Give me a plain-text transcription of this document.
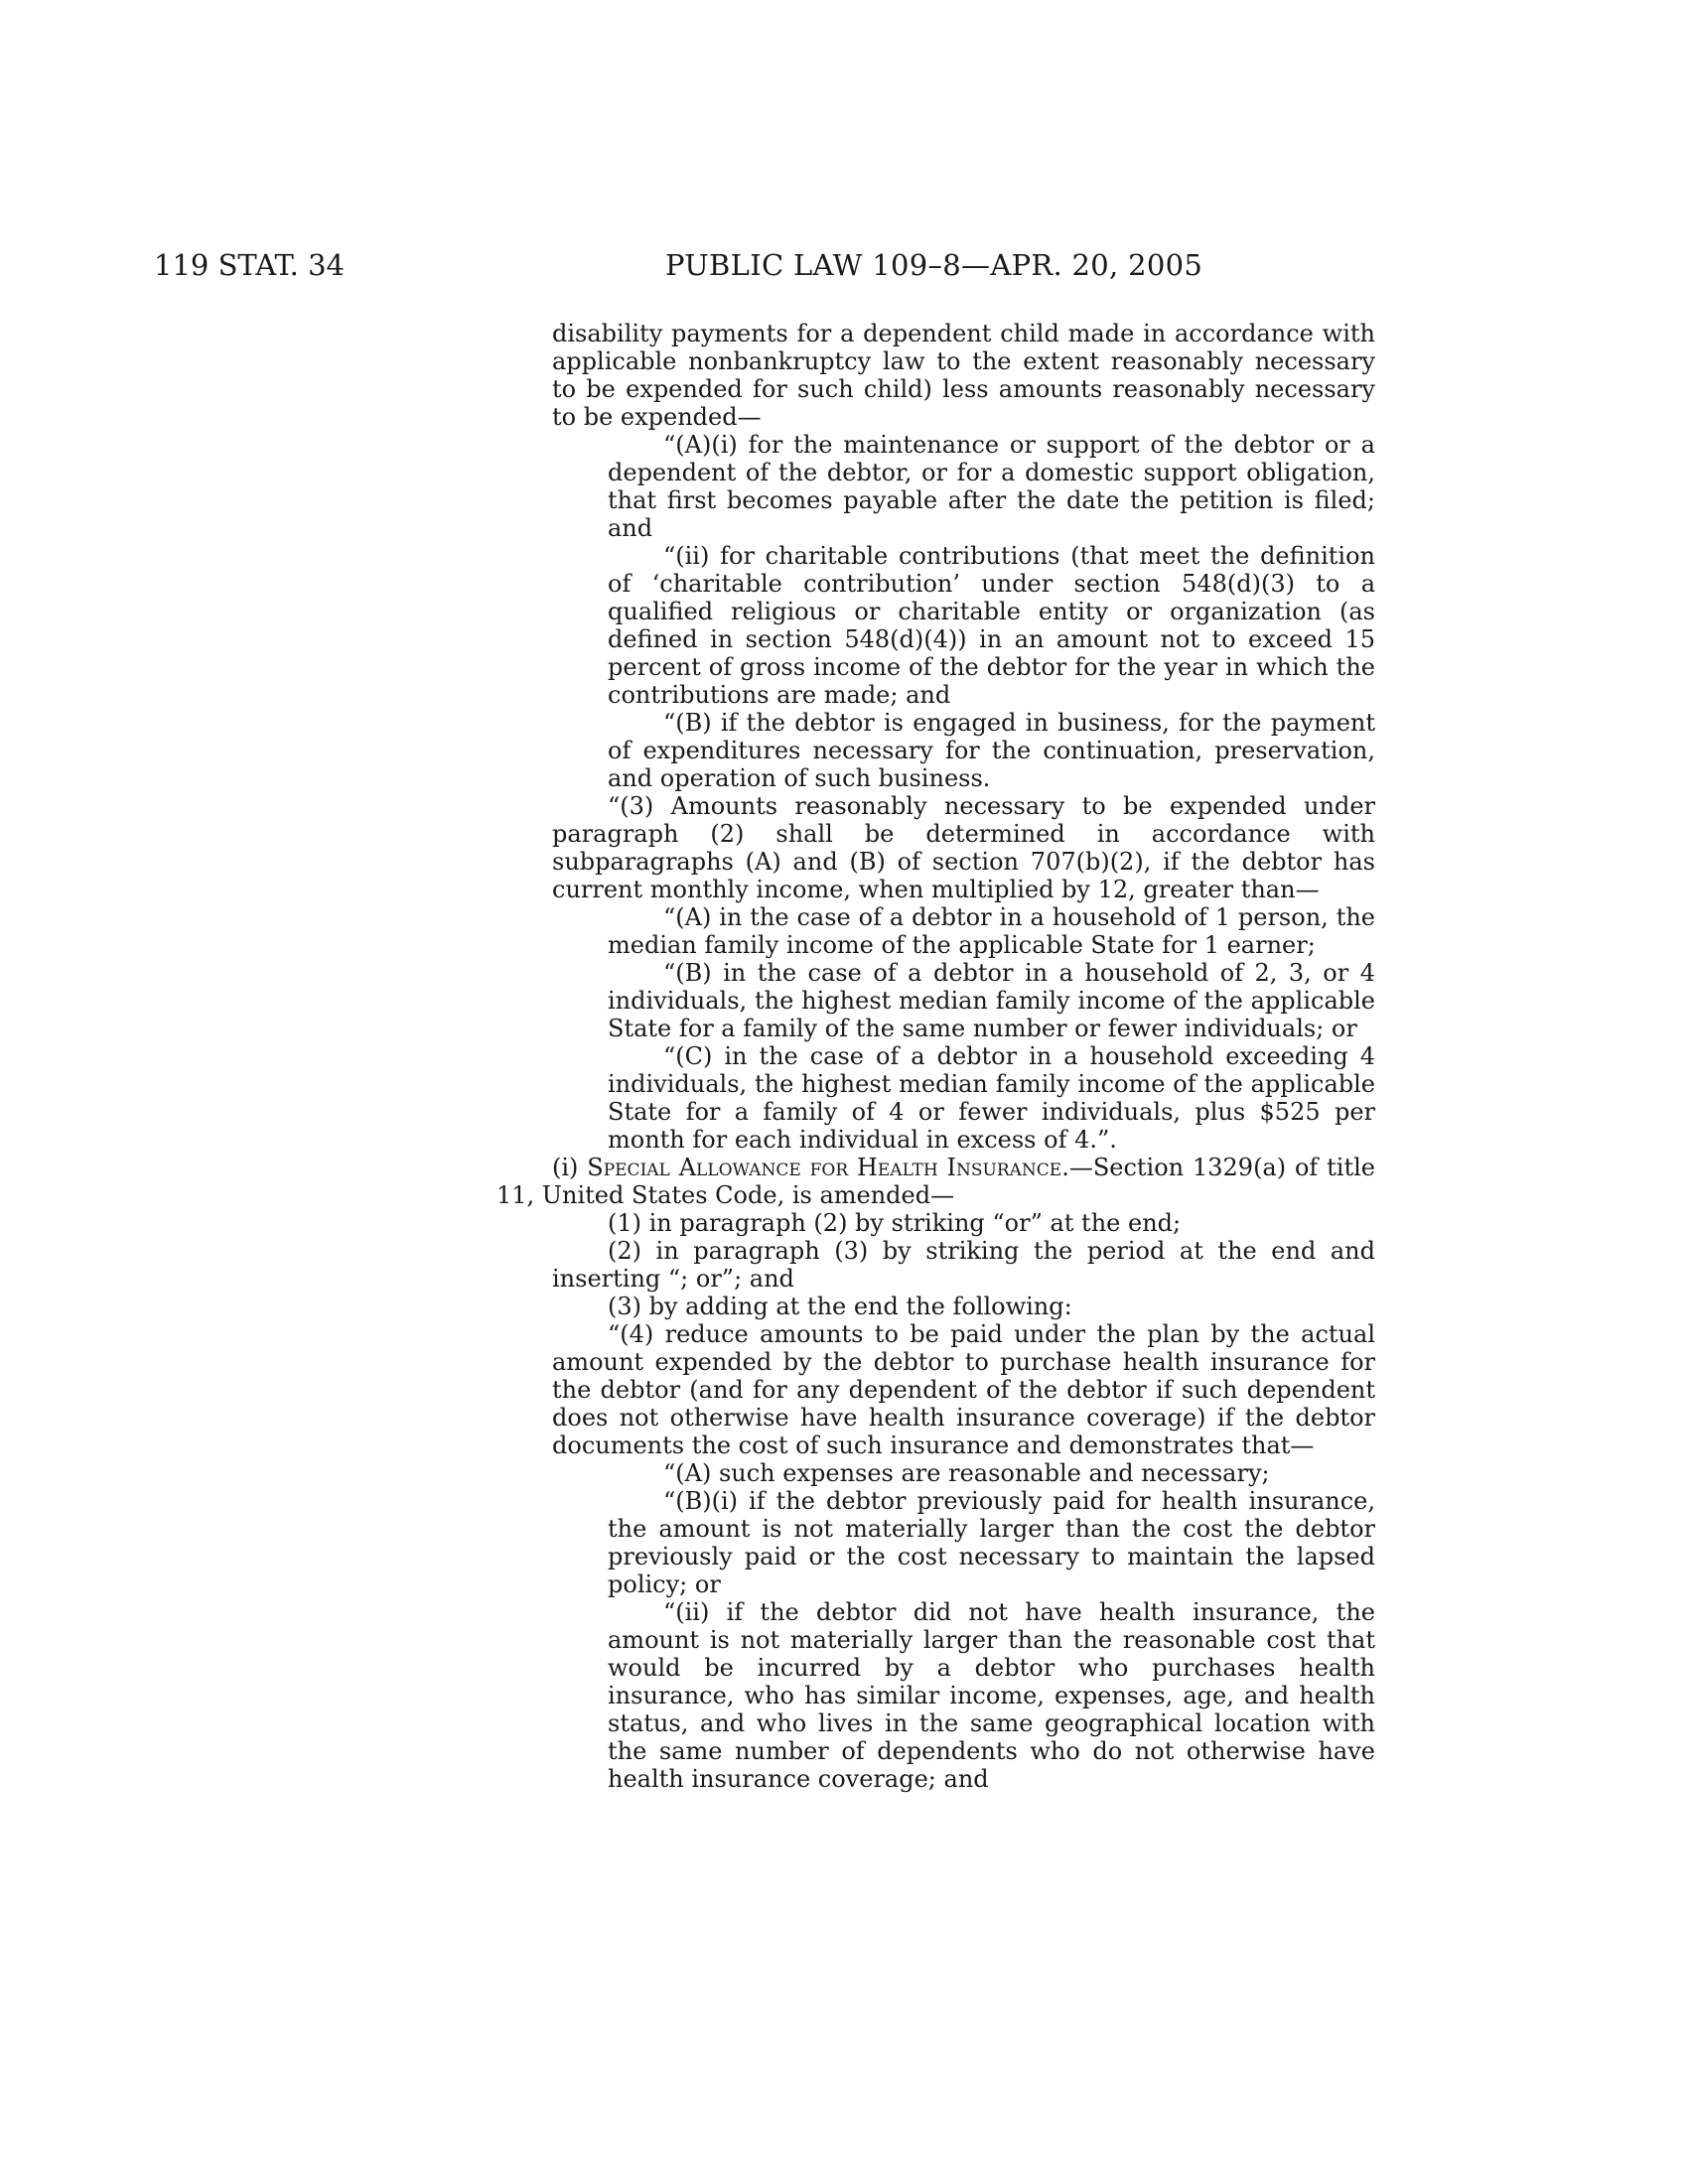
119 STAT. 34	PUBLIC LAW 109–8—APR. 20, 2005

disability payments for a dependent child made in accordance with applicable nonbankruptcy law to the extent reasonably necessary to be expended for such child) less amounts reasonably necessary to be expended—

“(A)(i) for the maintenance or support of the debtor or a dependent of the debtor, or for a domestic support obligation, that first becomes payable after the date the petition is filed; and

“(ii) for charitable contributions (that meet the definition of ‘charitable contribution’ under section 548(d)(3) to a qualified religious or charitable entity or organization (as defined in section 548(d)(4)) in an amount not to exceed 15 percent of gross income of the debtor for the year in which the contributions are made; and

“(B) if the debtor is engaged in business, for the payment of expenditures necessary for the continuation, preservation, and operation of such business.

“(3) Amounts reasonably necessary to be expended under paragraph (2) shall be determined in accordance with subparagraphs (A) and (B) of section 707(b)(2), if the debtor has current monthly income, when multiplied by 12, greater than—

“(A) in the case of a debtor in a household of 1 person, the median family income of the applicable State for 1 earner;

“(B) in the case of a debtor in a household of 2, 3, or 4 individuals, the highest median family income of the applicable State for a family of the same number or fewer individuals; or

“(C) in the case of a debtor in a household exceeding 4 individuals, the highest median family income of the applicable State for a family of 4 or fewer individuals, plus $525 per month for each individual in excess of 4.”.

(i) Special Allowance for Health Insurance.—Section 1329(a) of title 11, United States Code, is amended—

(1) in paragraph (2) by striking “or” at the end;

(2) in paragraph (3) by striking the period at the end and inserting “; or”; and

(3) by adding at the end the following:

“(4) reduce amounts to be paid under the plan by the actual amount expended by the debtor to purchase health insurance for the debtor (and for any dependent of the debtor if such dependent does not otherwise have health insurance coverage) if the debtor documents the cost of such insurance and demonstrates that—

“(A) such expenses are reasonable and necessary;

“(B)(i) if the debtor previously paid for health insurance, the amount is not materially larger than the cost the debtor previously paid or the cost necessary to maintain the lapsed policy; or

“(ii) if the debtor did not have health insurance, the amount is not materially larger than the reasonable cost that would be incurred by a debtor who purchases health insurance, who has similar income, expenses, age, and health status, and who lives in the same geographical location with the same number of dependents who do not otherwise have health insurance coverage; and
